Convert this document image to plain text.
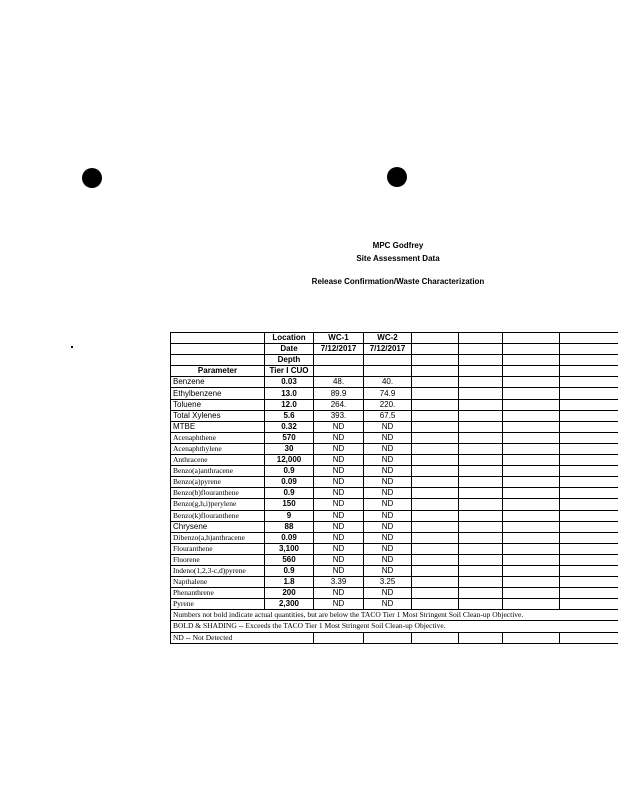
MPC Godfrey
Site Assessment Data
Release Confirmation/Waste Characterization
	Location	WC-1	WC-2				
	Date	7/12/2017	7/12/2017				
	Depth						
Parameter	Tier I CUO						
Benzene	0.03	48.	40.				
Ethylbenzene	13.0	89.9	74.9				
Toluene	12.0	264.	220.				
Total Xylenes	5.6	393.	67.5				
MTBE	0.32	ND	ND				
Acenaphthene	570	ND	ND				
Acenaphthylene	30	ND	ND				
Anthracene	12,000	ND	ND				
Benzo(a)anthracene	0.9	ND	ND				
Benzo(a)pyrene	0.09	ND	ND				
Benzo(b)flouranthene	0.9	ND	ND				
Benzo(g,h,i)perylene	150	ND	ND				
Benzo(k)flouranthene	9	ND	ND				
Chrysene	88	ND	ND				
Dibenzo(a,h)anthracene	0.09	ND	ND				
Flouranthene	3,100	ND	ND				
Fluorene	560	ND	ND				
Indeno(1,2,3-c,d)pyrene	0.9	ND	ND				
Napthalene	1.8	3.39	3.25				
Phenanthrene	200	ND	ND				
Pyrene	2,300	ND	ND				
Numbers not bold indicate actual quantities, but are below the TACO Tier 1 Most Stringent Soil Clean-up Objective.							
BOLD & SHADING -- Exceeds the TACO Tier 1 Most Stringent Soil Clean-up Objective.							
ND -- Not Detected							
